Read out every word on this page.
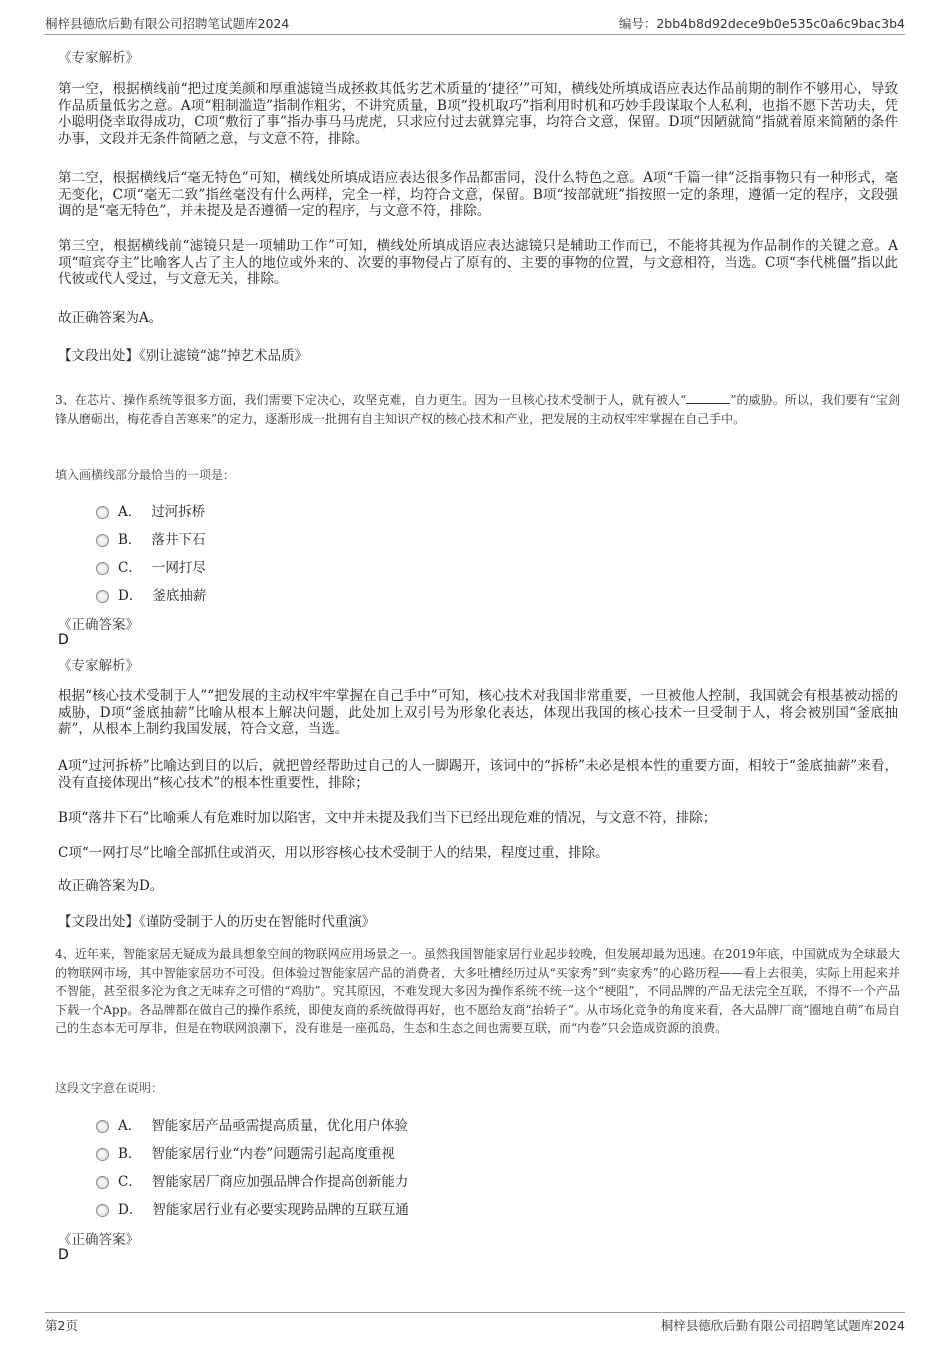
桐梓县德欣后勤有限公司招聘笔试题库2024	编号：2bb4b8d92dece9b0e535c0a6c9bac3b4
《专家解析》
第一空，根据横线前“把过度美颜和厚重滤镜当成拯救其低劣艺术质量的‘捷径’”可知，横线处所填成语应表达作品前期的制作不够用心，导致作品质量低劣之意。A项“粗制滥造”指制作粗劣，不讲究质量，B项“投机取巧”指利用时机和巧妙手段谋取个人私利，也指不愿下苦功夫，凭小聪明侥幸取得成功，C项“敷衍了事”指办事马马虎虎，只求应付过去就算完事，均符合文意，保留。D项“因陋就简”指就着原来简陋的条件办事，文段并无条件简陋之意，与文意不符，排除。
第二空，根据横线后“毫无特色”可知，横线处所填成语应表达很多作品都雷同，没什么特色之意。A项“千篇一律”泛指事物只有一种形式，毫无变化，C项“毫无二致”指丝毫没有什么两样，完全一样，均符合文意，保留。B项“按部就班”指按照一定的条理，遵循一定的程序，文段强调的是“毫无特色”，并未提及是否遵循一定的程序，与文意不符，排除。
第三空，根据横线前“滤镜只是一项辅助工作”可知，横线处所填成语应表达滤镜只是辅助工作而已，不能将其视为作品制作的关键之意。A项“喧宾夺主”比喻客人占了主人的地位或外来的、次要的事物侵占了原有的、主要的事物的位置，与文意相符，当选。C项“李代桃僵”指以此代彼或代人受过，与文意无关，排除。
故正确答案为A。
【文段出处】《别让滤镜“滤”掉艺术品质》
3、在芯片、操作系统等很多方面，我们需要下定决心，攻坚克难，自力更生。因为一旦核心技术受制于人，就有被人“	”的威胁。所以，我们要有“宝剑锋从磨砺出，梅花香自苦寒来”的定力，逐渐形成一批拥有自主知识产权的核心技术和产业，把发展的主动权牢牢掌握在自己手中。
填入画横线部分最恰当的一项是：
A． 过河拆桥
B． 落井下石
C． 一网打尽
D． 釜底抽薪
《正确答案》
D
《专家解析》
根据“核心技术受制于人”“把发展的主动权牢牢掌握在自己手中”可知，核心技术对我国非常重要，一旦被他人控制，我国就会有根基被动摇的威胁，D项“釜底抽薪”比喻从根本上解决问题，此处加上双引号为形象化表达，体现出我国的核心技术一旦受制于人，将会被别国“釜底抽薪”，从根本上制约我国发展，符合文意，当选。
A项“过河拆桥”比喻达到目的以后，就把曾经帮助过自己的人一脚踢开，该词中的“拆桥”未必是根本性的重要方面，相较于“釜底抽薪”来看，没有直接体现出“核心技术”的根本性重要性，排除；
B项“落井下石”比喻乘人有危难时加以陷害，文中并未提及我们当下已经出现危难的情况，与文意不符，排除；
C项“一网打尽”比喻全部抓住或消灭，用以形容核心技术受制于人的结果，程度过重，排除。
故正确答案为D。
【文段出处】《谨防受制于人的历史在智能时代重演》
4、近年来，智能家居无疑成为最具想象空间的物联网应用场景之一。虽然我国智能家居行业起步较晚，但发展却最为迅速。在2019年底，中国就成为全球最大的物联网市场，其中智能家居功不可没。但体验过智能家居产品的消费者，大多吐槽经历过从“买家秀”到“卖家秀”的心路历程——看上去很美，实际上用起来并不智能，甚至很多沦为食之无味弃之可惜的“鸡肋”。究其原因，不难发现大多因为操作系统不统一这个“梗阻”，不同品牌的产品无法完全互联，不得不一个产品下载一个App。各品牌都在做自己的操作系统，即使友商的系统做得再好，也不愿给友商“抬轿子”。从市场化竞争的角度来看，各大品牌厂商“圈地自萌”布局自己的生态本无可厚非，但是在物联网浪潮下，没有谁是一座孤岛，生态和生态之间也需要互联，而“内卷”只会造成资源的浪费。
这段文字意在说明：
A． 智能家居产品亟需提高质量，优化用户体验
B． 智能家居行业“内卷”问题需引起高度重视
C． 智能家居厂商应加强品牌合作提高创新能力
D． 智能家居行业有必要实现跨品牌的互联互通
《正确答案》
D
第2页	桐梓县德欣后勤有限公司招聘笔试题库2024
